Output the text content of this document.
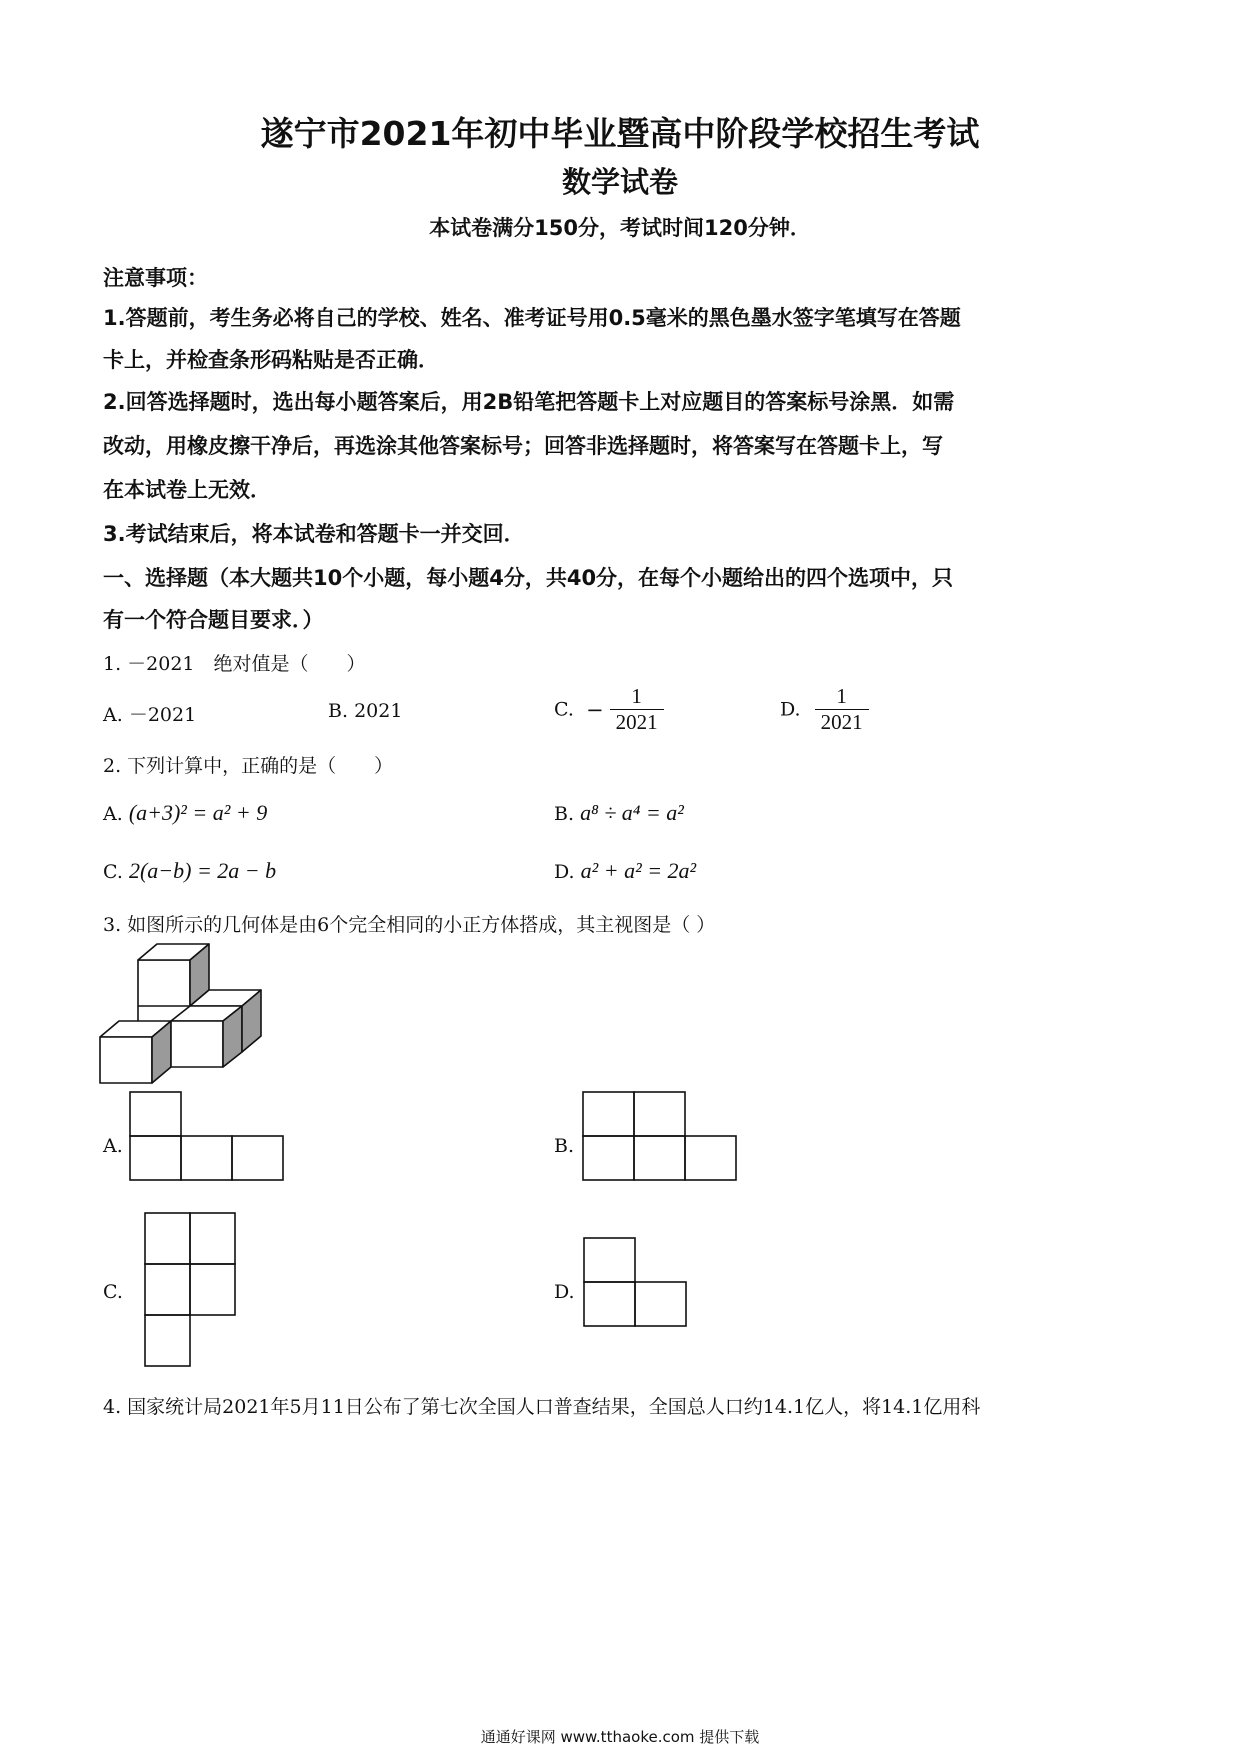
遂宁市2021年初中毕业暨高中阶段学校招生考试
数学试卷
本试卷满分150分，考试时间120分钟．
注意事项：
1.答题前，考生务必将自己的学校、姓名、准考证号用0.5毫米的黑色墨水签字笔填写在答题
卡上，并检查条形码粘贴是否正确．
2.回答选择题时，选出每小题答案后，用2B铅笔把答题卡上对应题目的答案标号涂黑．如需
改动，用橡皮擦干净后，再选涂其他答案标号；回答非选择题时，将答案写在答题卡上，写
在本试卷上无效．
3.考试结束后，将本试卷和答题卡一并交回．
一、选择题（本大题共10个小题，每小题4分，共40分，在每个小题给出的四个选项中，只
有一个符合题目要求．）
1. －2021　绝对值是（　　）
A. －2021	B. 2021	C. − $\frac{1}{2021}$	D. $\frac{1}{2021}$
2. 下列计算中，正确的是（　　）
A. (a+3)² = a² + 9	B. a⁸ ÷ a⁴ = a²
C. 2(a−b) = 2a − b	D. a² + a² = 2a²
3. 如图所示的几何体是由6个完全相同的小正方体搭成，其主视图是（ ）
A.	B.
C.	D.
4. 国家统计局2021年5月11日公布了第七次全国人口普查结果，全国总人口约14.1亿人，将14.1亿用科
通通好课网 www.tthaoke.com 提供下载
